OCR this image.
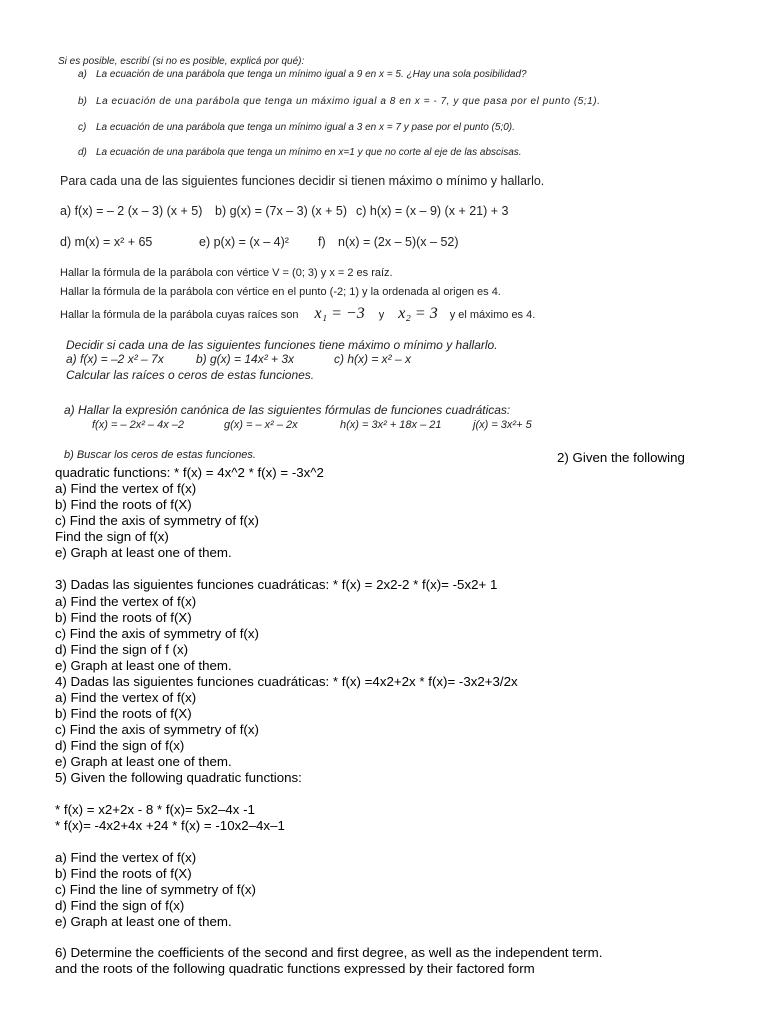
Si es posible, escribí (si no es posible, explicá por qué):
a) La ecuación de una parábola que tenga un mínimo igual a 9 en x = 5. ¿Hay una sola posibilidad?
b) La ecuación de una parábola que tenga un máximo igual a 8 en x = - 7, y que pasa por el punto (5;1).
c) La ecuación de una parábola que tenga un mínimo igual a 3 en x = 7 y pase por el punto (5;0).
d) La ecuación de una parábola que tenga un mínimo en x=1 y que no corte al eje de las abscisas.
Para cada una de las siguientes funciones decidir si tienen máximo o mínimo y hallarlo.
a) f(x) = – 2 (x – 3) (x + 5) b) g(x) = (7x – 3) (x + 5) c) h(x) = (x – 9) (x + 21) + 3
d) m(x) = x² + 65	e) p(x) = (x – 4)² f) n(x) = (2x – 5)(x – 52)
Hallar la fórmula de la parábola con vértice V = (0; 3) y x = 2 es raíz.
Hallar la fórmula de la parábola con vértice en el punto (-2; 1) y la ordenada al origen es 4.
Hallar la fórmula de la parábola cuyas raíces son x₁ = −3 y x₂ = 3 y el máximo es 4.
Decidir si cada una de las siguientes funciones tiene máximo o mínimo y hallarlo.
a) f(x) = –2 x² – 7x	b) g(x) = 14x² + 3x	c) h(x) = x² – x
Calcular las raíces o ceros de estas funciones.
a) Hallar la expresión canónica de las siguientes fórmulas de funciones cuadráticas:
f(x) = – 2x² – 4x –2	g(x) = – x² – 2x	h(x) = 3x² + 18x – 21	j(x) = 3x²+ 5
b) Buscar los ceros de estas funciones.	2) Given the following
quadratic functions: * f(x) = 4x^2 * f(x) = -3x^2
a) Find the vertex of f(x)
b) Find the roots of f(X)
c) Find the axis of symmetry of f(x)
Find the sign of f(x)
e) Graph at least one of them.
3) Dadas las siguientes funciones cuadráticas: * f(x) = 2x2-2 * f(x)= -5x2+ 1
a) Find the vertex of f(x)
b) Find the roots of f(X)
c) Find the axis of symmetry of f(x)
d) Find the sign of f (x)
e) Graph at least one of them.
4) Dadas las siguientes funciones cuadráticas: * f(x) =4x2+2x * f(x)= -3x2+3/2x
a) Find the vertex of f(x)
b) Find the roots of f(X)
c) Find the axis of symmetry of f(x)
d) Find the sign of f(x)
e) Graph at least one of them.
5) Given the following quadratic functions:
* f(x) = x2+2x - 8 * f(x)= 5x2–4x -1
* f(x)= -4x2+4x +24 * f(x) = -10x2–4x–1
a) Find the vertex of f(x)
b) Find the roots of f(X)
c) Find the line of symmetry of f(x)
d) Find the sign of f(x)
e) Graph at least one of them.
6) Determine the coefficients of the second and first degree, as well as the independent term.
and the roots of the following quadratic functions expressed by their factored form
